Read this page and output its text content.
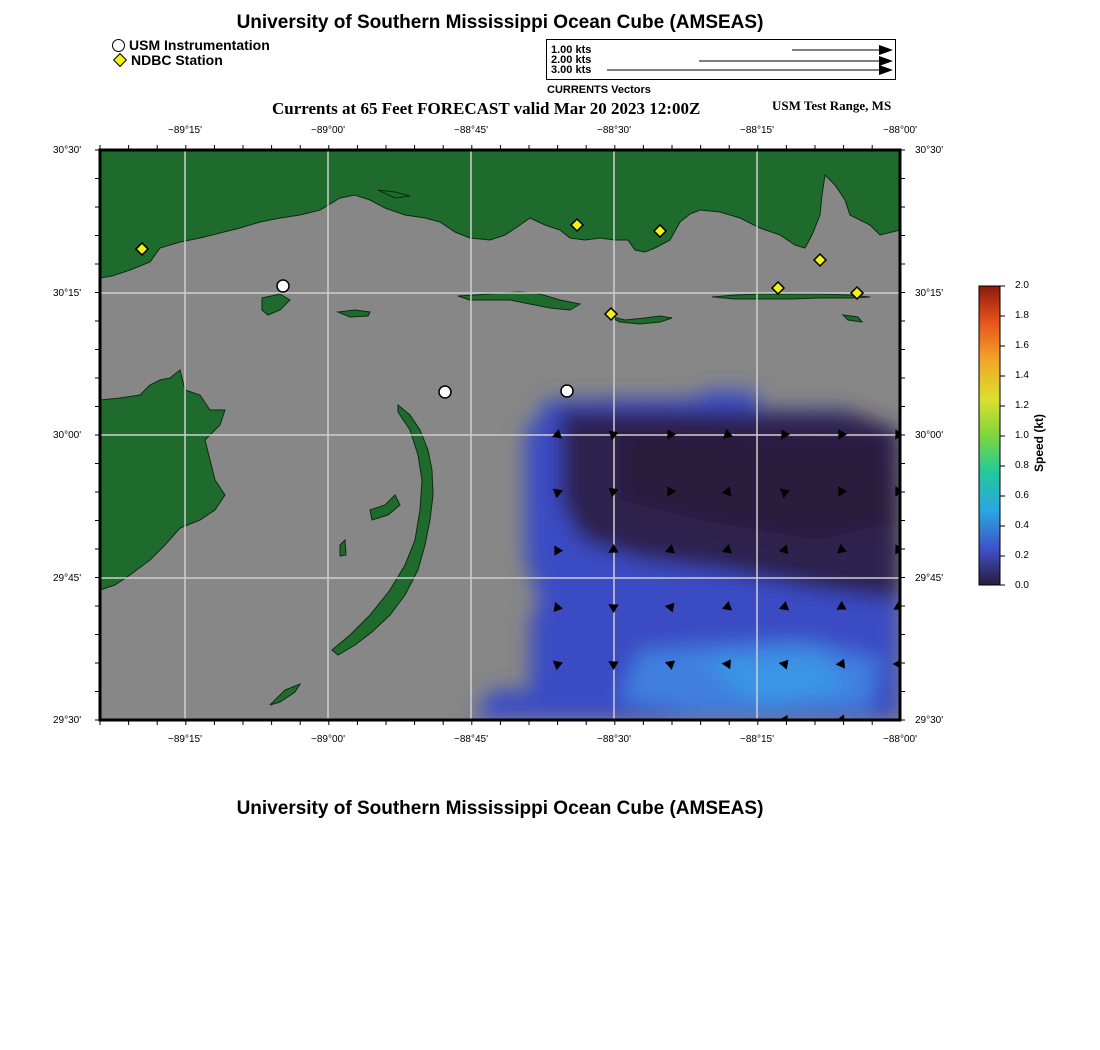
University of Southern Mississippi Ocean Cube (AMSEAS)
USM Instrumentation
NDBC Station
1.00 kts
2.00 kts
3.00 kts
CURRENTS Vectors
Currents at 65 Feet FORECAST valid Mar 20 2023 12:00Z	USM Test Range, MS
−89°15'	−89°00'	−88°45'	−88°30'	−88°15'	−88°00'
−89°15'	−89°00'	−88°45'	−88°30'	−88°15'	−88°00'
30°30'
30°15'
30°00'
29°45'
29°30'
30°30'
30°15'
30°00'
29°45'
29°30'
2.0
1.8
1.6
1.4
1.2
1.0
0.8
0.6
0.4
0.2
0.0
Speed (kt)
University of Southern Mississippi Ocean Cube (AMSEAS)
